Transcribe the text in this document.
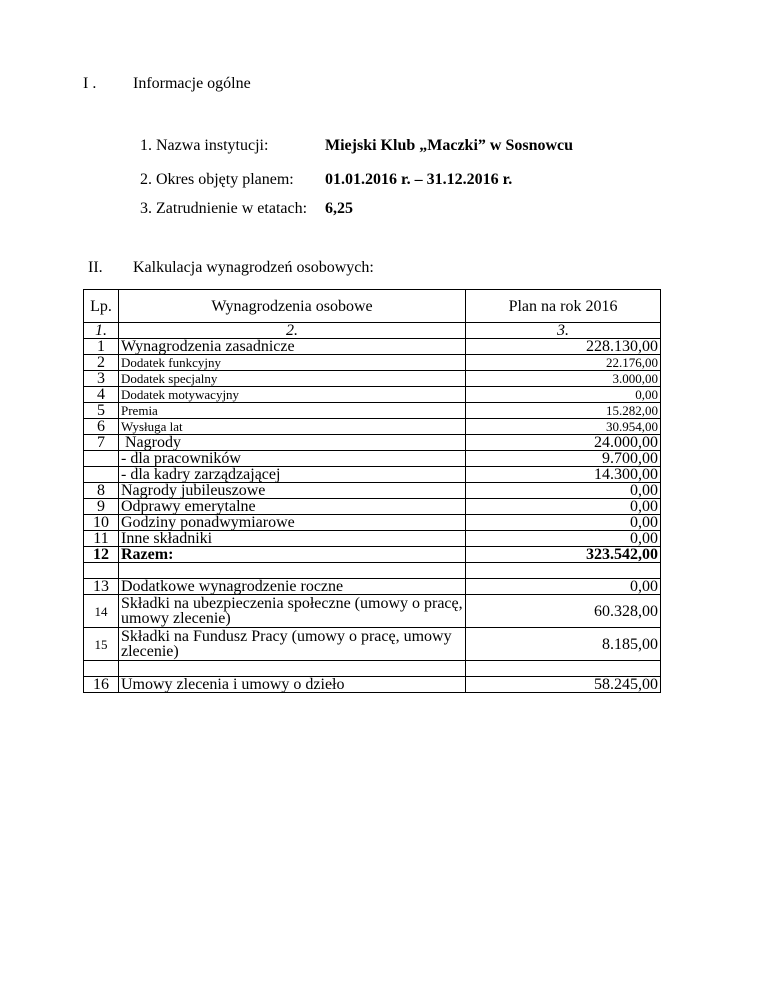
I . Informacje ogólne
1. Nazwa instytucji:	Miejski Klub „Maczki” w Sosnowcu
2. Okres objęty planem: 01.01.2016 r. – 31.12.2016 r.
3. Zatrudnienie w etatach: 6,25
II. Kalkulacja wynagrodzeń osobowych:
Lp.	Wynagrodzenia osobowe	Plan na rok 2016
1.	2.	3.
1	Wynagrodzenia zasadnicze	228.130,00
2	Dodatek funkcyjny	22.176,00
3	Dodatek specjalny	3.000,00
4	Dodatek motywacyjny	0,00
5	Premia	15.282,00
6	Wysługa lat	30.954,00
7	Nagrody	24.000,00
	- dla pracowników	9.700,00
	- dla kadry zarządzającej	14.300,00
8	Nagrody jubileuszowe	0,00
9	Odprawy emerytalne	0,00
10	Godziny ponadwymiarowe	0,00
11	Inne składniki	0,00
12	Razem:	323.542,00

13	Dodatkowe wynagrodzenie roczne	0,00
14	Składki na ubezpieczenia społeczne (umowy o pracę, umowy zlecenie)	60.328,00
15	Składki na Fundusz Pracy (umowy o pracę, umowy zlecenie)	8.185,00

16	Umowy zlecenia i umowy o dzieło	58.245,00
